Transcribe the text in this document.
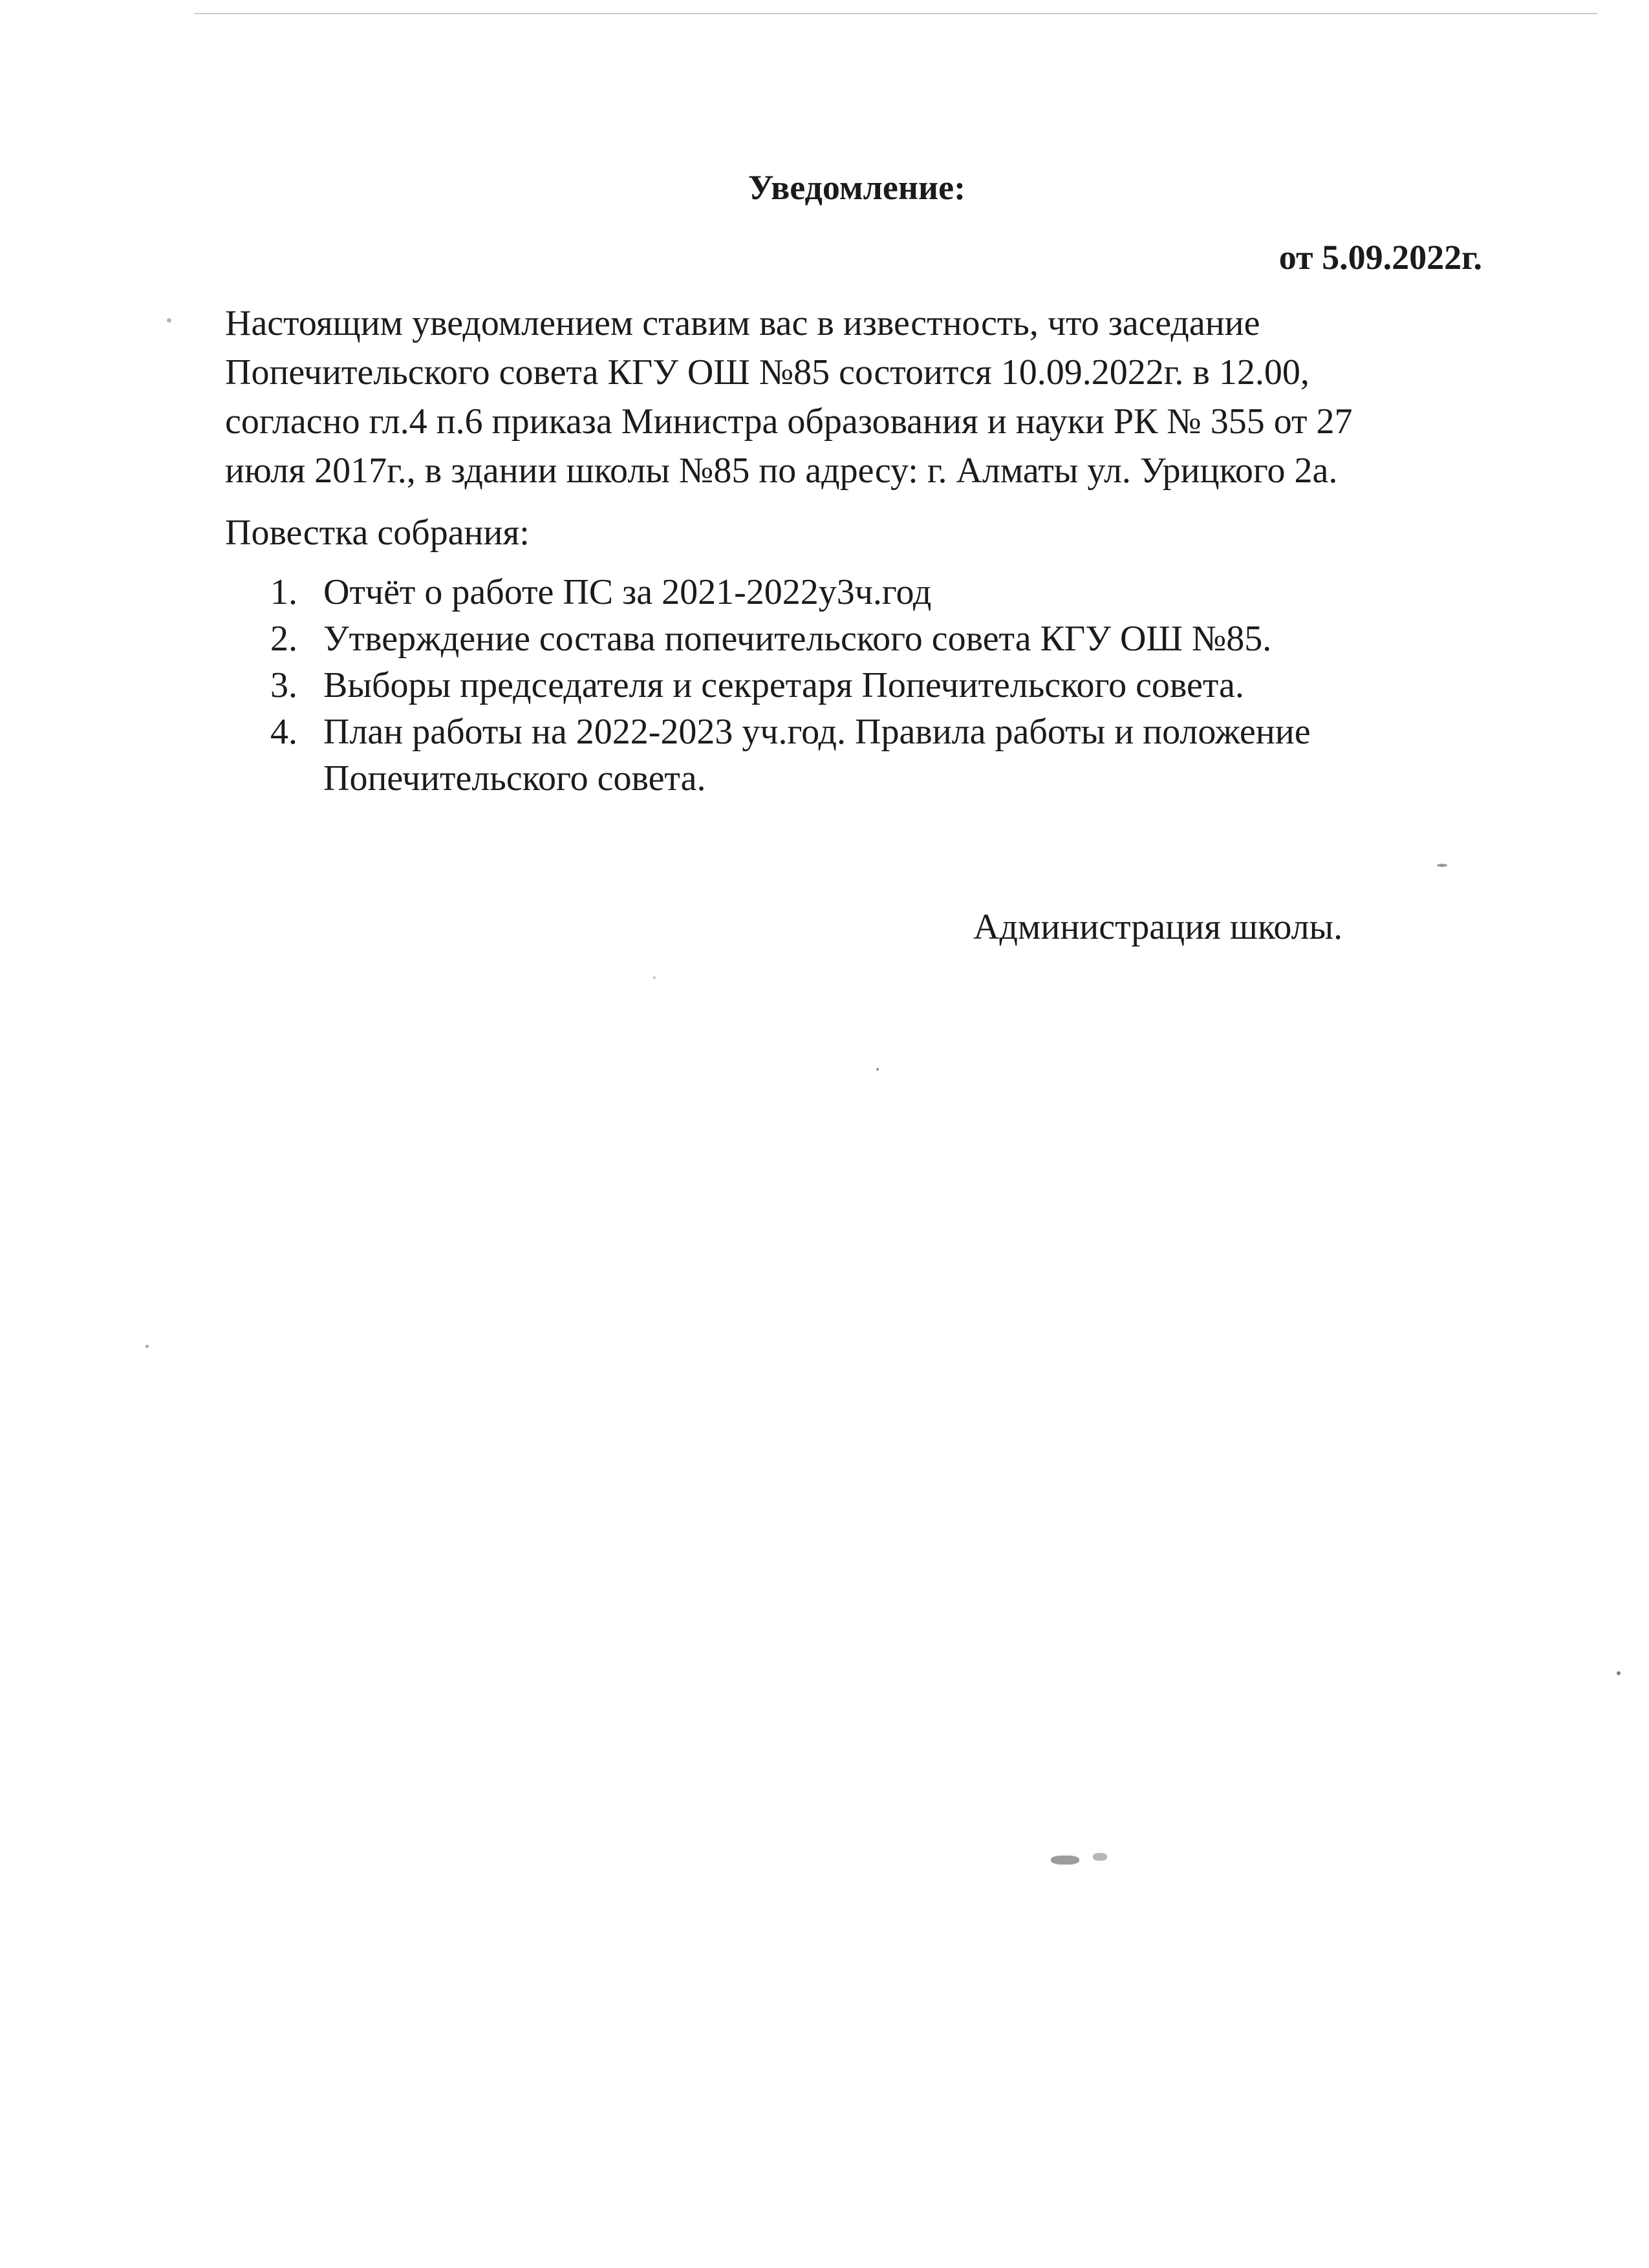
Уведомление:
от 5.09.2022г.

Настоящим уведомлением ставим вас в известность, что заседание
Попечительского совета КГУ ОШ №85 состоится 10.09.2022г. в 12.00,
согласно гл.4 п.6 приказа Министра образования и науки РК № 355 от 27
июля 2017г., в здании школы №85 по адресу: г. Алматы ул. Урицкого 2а.

Повестка собрания:
1. Отчёт о работе ПС за 2021-2022у3ч.год
2. Утверждение состава попечительского совета КГУ ОШ №85.
3. Выборы председателя и секретаря Попечительского совета.
4. План работы на 2022-2023 уч.год. Правила работы и положение
Попечительского совета.
Администрация школы.
